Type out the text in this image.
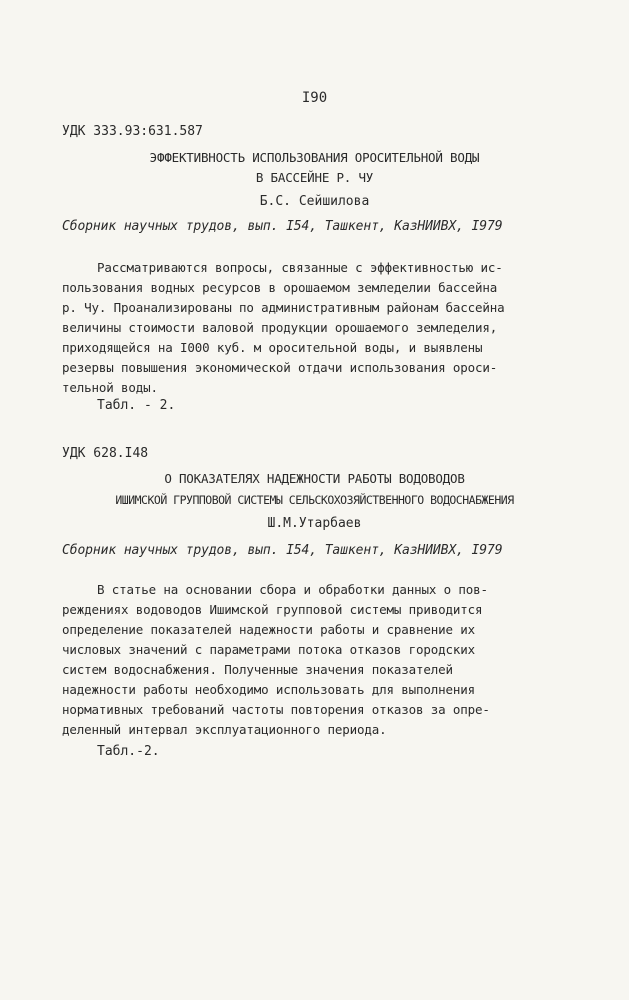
I90

УДК 333.93:631.587

ЭФФЕКТИВНОСТЬ ИСПОЛЬЗОВАНИЯ ОРОСИТЕЛЬНОЙ ВОДЫ

В БАССЕЙНЕ Р. ЧУ

Б.С. Сейшилова

Сборник научных трудов, вып. I54, Ташкент, КазНИИВХ, I979

Рассматриваются вопросы, связанные с эффективностью ис-
пользования водных ресурсов в орошаемом земледелии бассейна
р. Чу. Проанализированы по административным районам бассейна
величины стоимости валовой продукции орошаемого земледелия,
приходящейся на I000 куб. м оросительной воды, и выявлены
резервы повышения экономической отдачи использования ороси-
тельной воды.

Табл. - 2.

УДК 628.I48

О ПОКАЗАТЕЛЯХ НАДЕЖНОСТИ РАБОТЫ ВОДОВОДОВ

ИШИМСКОЙ ГРУППОВОЙ СИСТЕМЫ СЕЛЬСКОХОЗЯЙСТВЕННОГО ВОДОСНАБЖЕНИЯ

Ш.М.Утарбаев

Сборник научных трудов, вып. I54, Ташкент, КазНИИВХ, I979

В статье на основании сбора и обработки данных о пов-
реждениях водоводов Ишимской групповой системы приводится
определение показателей надежности работы и сравнение их
числовых значений с параметрами потока отказов городских
систем водоснабжения. Полученные значения показателей
надежности работы необходимо использовать для выполнения
нормативных требований частоты повторения отказов за опре-
деленный интервал эксплуатационного периода.

Табл.-2.
